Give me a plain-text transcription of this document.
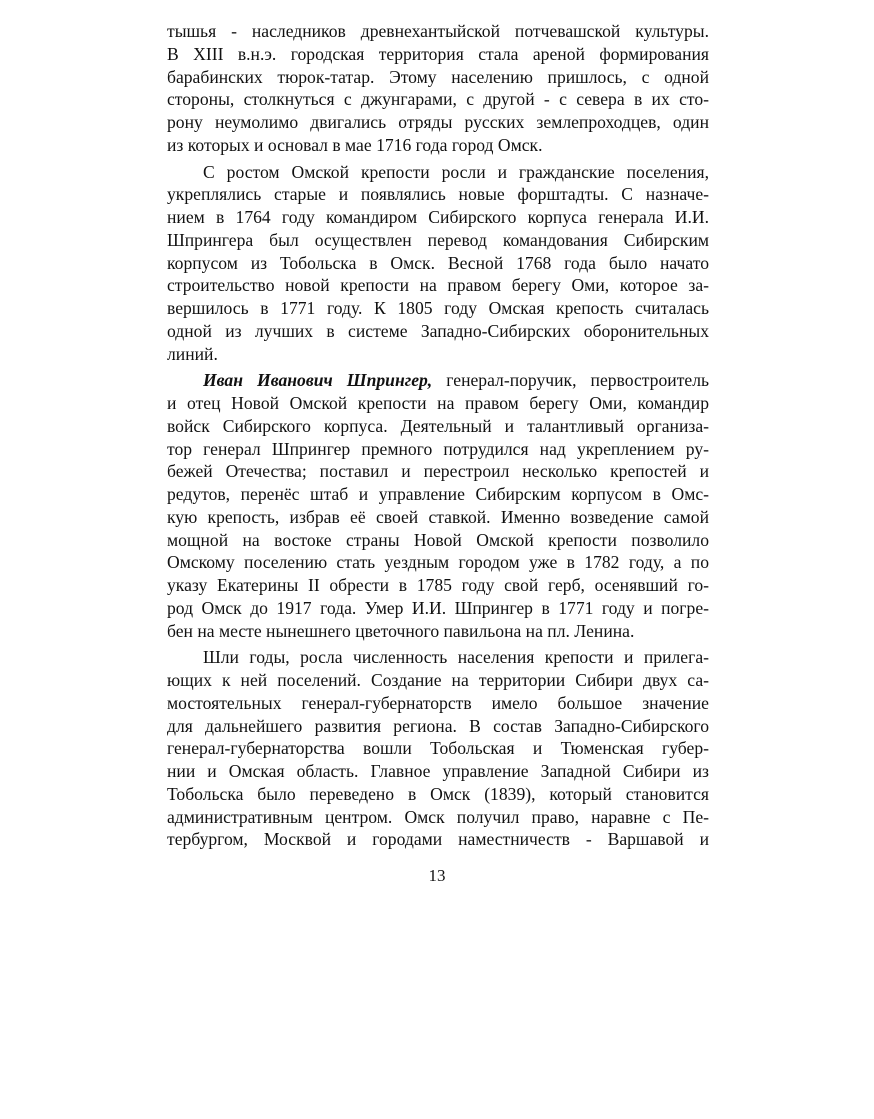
тышья - наследников древнехантыйской потчевашской культуры.
В XIII в.н.э. городская территория стала ареной формирования
барабинских тюрок-татар. Этому населению пришлось, с одной
стороны, столкнуться с джунгарами, с другой - с севера в их сто-
рону неумолимо двигались отряды русских землепроходцев, один
из которых и основал в мае 1716 года город Омск.
С ростом Омской крепости росли и гражданские поселения,
укреплялись старые и появлялись новые форштадты. С назначе-
нием в 1764 году командиром Сибирского корпуса генерала И.И.
Шпрингера был осуществлен перевод командования Сибирским
корпусом из Тобольска в Омск. Весной 1768 года было начато
строительство новой крепости на правом берегу Оми, которое за-
вершилось в 1771 году. К 1805 году Омская крепость считалась
одной из лучших в системе Западно-Сибирских оборонительных
линий.
Иван Иванович Шпрингер, генерал-поручик, первостроитель
и отец Новой Омской крепости на правом берегу Оми, командир
войск Сибирского корпуса. Деятельный и талантливый организа-
тор генерал Шпрингер премного потрудился над укреплением ру-
бежей Отечества; поставил и перестроил несколько крепостей и
редутов, перенёс штаб и управление Сибирским корпусом в Омс-
кую крепость, избрав её своей ставкой. Именно возведение самой
мощной на востоке страны Новой Омской крепости позволило
Омскому поселению стать уездным городом уже в 1782 году, а по
указу Екатерины II обрести в 1785 году свой герб, осенявший го-
род Омск до 1917 года. Умер И.И. Шпрингер в 1771 году и погре-
бен на месте нынешнего цветочного павильона на пл. Ленина.
Шли годы, росла численность населения крепости и прилега-
ющих к ней поселений. Создание на территории Сибири двух са-
мостоятельных генерал-губернаторств имело большое значение
для дальнейшего развития региона. В состав Западно-Сибирского
генерал-губернаторства вошли Тобольская и Тюменская губер-
нии и Омская область. Главное управление Западной Сибири из
Тобольска было переведено в Омск (1839), который становится
административным центром. Омск получил право, наравне с Пе-
тербургом, Москвой и городами наместничеств - Варшавой и
13
